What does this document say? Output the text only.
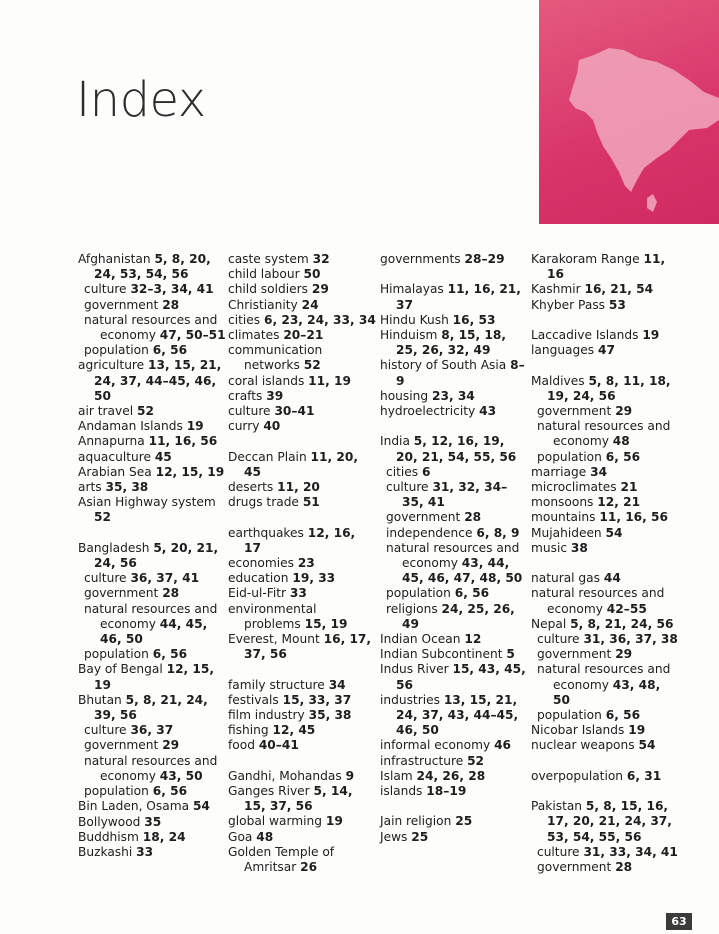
Index

Afghanistan 5, 8, 20, 24, 53, 54, 56

culture 32–3, 34, 41

government 28

natural resources and economy 47, 50–51

population 6, 56

agriculture 13, 15, 21, 24, 37, 44–45, 46, 50

air travel 52

Andaman Islands 19

Annapurna 11, 16, 56

aquaculture 45

Arabian Sea 12, 15, 19

arts 35, 38

Asian Highway system 52

Bangladesh 5, 20, 21, 24, 56

culture 36, 37, 41

government 28

natural resources and economy 44, 45, 46, 50

population 6, 56

Bay of Bengal 12, 15, 19

Bhutan 5, 8, 21, 24, 39, 56

culture 36, 37

government 29

natural resources and economy 43, 50

population 6, 56

Bin Laden, Osama 54

Bollywood 35

Buddhism 18, 24

Buzkashi 33

caste system 32

child labour 50

child soldiers 29

Christianity 24

cities 6, 23, 24, 33, 34

climates 20–21

communication networks 52

coral islands 11, 19

crafts 39

culture 30–41

curry 40

Deccan Plain 11, 20, 45

deserts 11, 20

drugs trade 51

earthquakes 12, 16, 17

economies 23

education 19, 33

Eid-ul-Fitr 33

environmental problems 15, 19

Everest, Mount 16, 17, 37, 56

family structure 34

festivals 15, 33, 37

film industry 35, 38

fishing 12, 45

food 40–41

Gandhi, Mohandas 9

Ganges River 5, 14, 15, 37, 56

global warming 19

Goa 48

Golden Temple of Amritsar 26

governments 28–29

Himalayas 11, 16, 21, 37

Hindu Kush 16, 53

Hinduism 8, 15, 18, 25, 26, 32, 49

history of South Asia 8–9

housing 23, 34

hydroelectricity 43

India 5, 12, 16, 19, 20, 21, 54, 55, 56

cities 6

culture 31, 32, 34–35, 41

government 28

independence 6, 8, 9

natural resources and economy 43, 44, 45, 46, 47, 48, 50

population 6, 56

religions 24, 25, 26, 49

Indian Ocean 12

Indian Subcontinent 5

Indus River 15, 43, 45, 56

industries 13, 15, 21, 24, 37, 43, 44–45, 46, 50

informal economy 46

infrastructure 52

Islam 24, 26, 28

islands 18–19

Jain religion 25

Jews 25

Karakoram Range 11, 16

Kashmir 16, 21, 54

Khyber Pass 53

Laccadive Islands 19

languages 47

Maldives 5, 8, 11, 18, 19, 24, 56

government 29

natural resources and economy 48

population 6, 56

marriage 34

microclimates 21

monsoons 12, 21

mountains 11, 16, 56

Mujahideen 54

music 38

natural gas 44

natural resources and economy 42–55

Nepal 5, 8, 21, 24, 56

culture 31, 36, 37, 38

government 29

natural resources and economy 43, 48, 50

population 6, 56

Nicobar Islands 19

nuclear weapons 54

overpopulation 6, 31

Pakistan 5, 8, 15, 16, 17, 20, 21, 24, 37, 53, 54, 55, 56

culture 31, 33, 34, 41

government 28

63
